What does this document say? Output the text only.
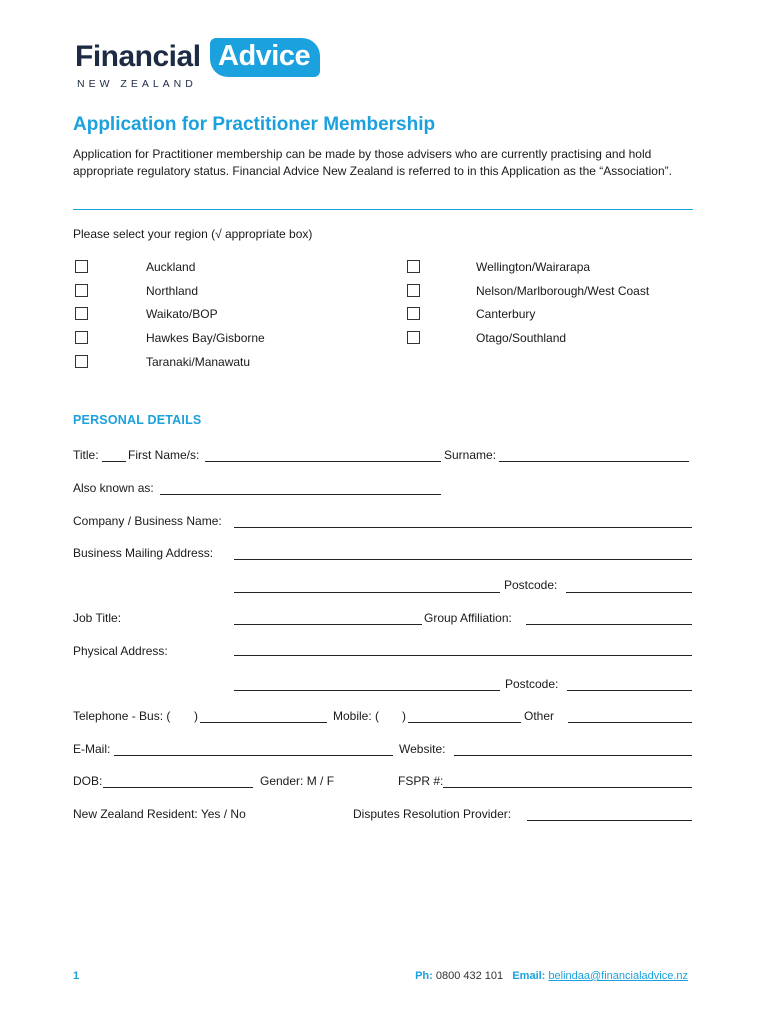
Financial Advice
NEW ZEALAND
Application for Practitioner Membership

Application for Practitioner membership can be made by those advisers who are currently practising and hold appropriate regulatory status. Financial Advice New Zealand is referred to in this Application as the “Association”.

Please select your region (√ appropriate box)
Auckland
Northland
Waikato/BOP
Hawkes Bay/Gisborne
Taranaki/Manawatu
Wellington/Wairarapa
Nelson/Marlborough/West Coast
Canterbury
Otago/Southland
PERSONAL DETAILS
Title: First Name/s:	Surname:
Also known as:
Company / Business Name:
Business Mailing Address:
Postcode:
Job Title:	Group Affiliation:
Physical Address:
Postcode:
Telephone - Bus: ( )	Mobile: ( )	Other
E-Mail:	Website:
DOB:	Gender: M / F	FSPR #:
New Zealand Resident: Yes / No	Disputes Resolution Provider:
1	Ph: 0800 432 101 Email: belindaa@financialadvice.nz
